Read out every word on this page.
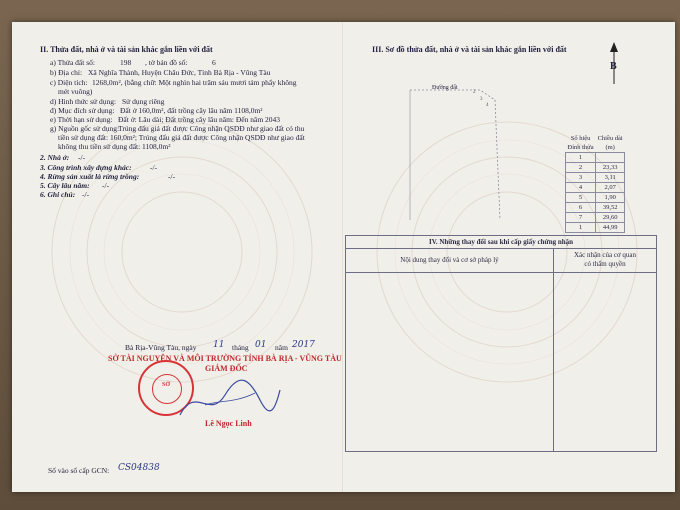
II. Thửa đất, nhà ở và tài sản khác gắn liền với đất
a) Thửa đất số:	198 , tờ bản đồ số:	6
b) Địa chỉ: Xã Nghĩa Thành, Huyện Châu Đức, Tỉnh Bà Rịa - Vũng Tàu
c) Diện tích: 1268,0m², (bằng chữ: Một nghìn hai trăm sáu mươi tám phẩy không
mét vuông)
d) Hình thức sử dụng: Sử dụng riêng
đ) Mục đích sử dụng: Đất ở 160,0m², đất trồng cây lâu năm 1108,0m²
e) Thời hạn sử dụng: Đất ở: Lâu dài; Đất trồng cây lâu năm: Đến năm 2043
g) Nguồn gốc sử dụng:
Trúng đấu giá đất được Công nhận QSDĐ như giao đất có thu
tiền sử dụng đất: 160,0m²; Trúng đấu giá đất được Công nhận QSDĐ như giao đất
không thu tiền sử dụng đất: 1108,0m²
2. Nhà ở: -/-
3. Công trình xây dựng khác: -/-
4. Rừng sản xuất là rừng trồng:	-/-
5. Cây lâu năm: -/-
6. Ghi chú: -/-
Bà Rịa-Vũng Tàu, ngày 11 tháng 01 năm 2017
SỞ TÀI NGUYÊN VÀ MÔI TRƯỜNG TỈNH BÀ RỊA - VŨNG TÀU
GIÁM ĐỐC
SỞ
Lê Ngọc Linh
Số vào sổ cấp GCN: CS04838
III. Sơ đồ thửa đất, nhà ở và tài sản khác gắn liền với đất
2
3
4
Đường đất
B
Số hiệu	Chiều dài
Đỉnh thửa	(m)
1	
2	23,33
3	3,11
4	2,07
5	1,90
6	39,52
7	29,60
1	44,99
IV. Những thay đổi sau khi cấp giấy chứng nhận
Nội dung thay đổi và cơ sở pháp lý
Xác nhận của cơ quan
có thẩm quyền
